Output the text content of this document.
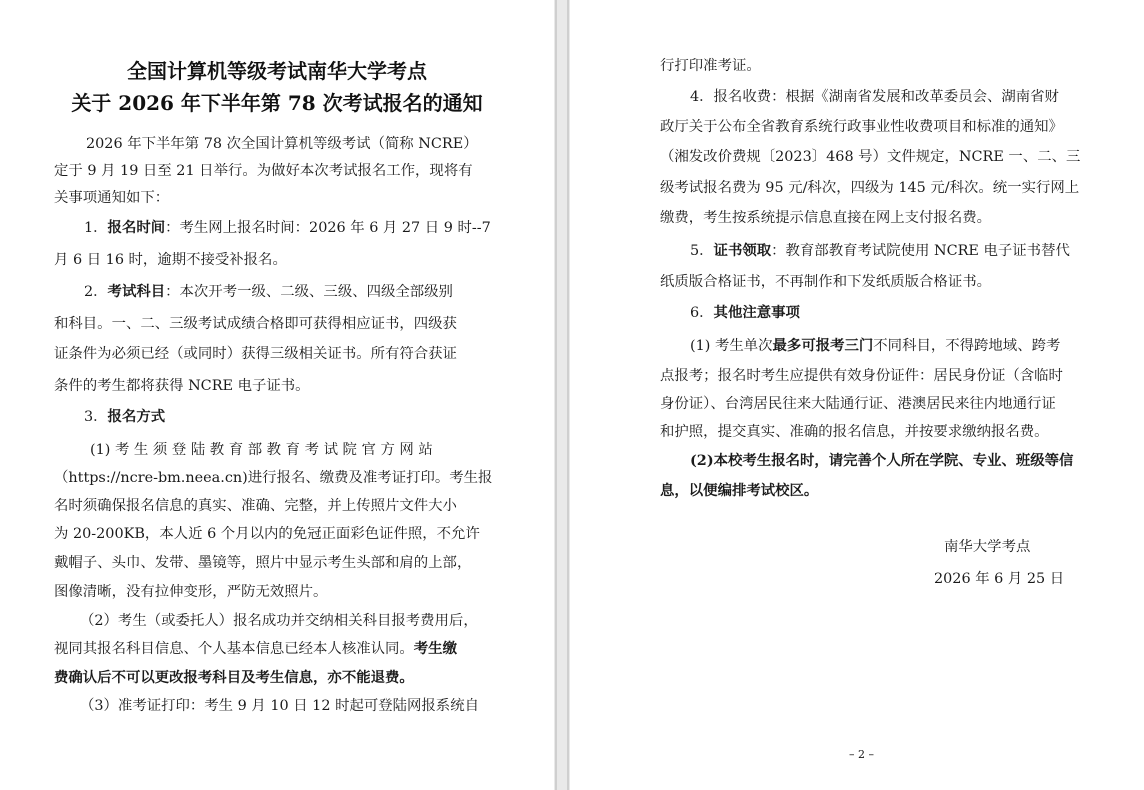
全国计算机等级考试南华大学考点
关于 2026 年下半年第 78 次考试报名的通知
2026 年下半年第 78 次全国计算机等级考试（简称 NCRE）
定于 9 月 19 日至 21 日举行。为做好本次考试报名工作，现将有
关事项通知如下：
1．报名时间：考生网上报名时间：2026 年 6 月 27 日 9 时--7
月 6 日 16 时，逾期不接受补报名。
2．考试科目：本次开考一级、二级、三级、四级全部级别
和科目。一、二、三级考试成绩合格即可获得相应证书，四级获
证条件为必须已经（或同时）获得三级相关证书。所有符合获证
条件的考生都将获得 NCRE 电子证书。
3．报名方式
(1) 考 生 须 登 陆 教 育 部 教 育 考 试 院 官 方 网 站
（https://ncre-bm.neea.cn)进行报名、缴费及准考证打印。考生报
名时须确保报名信息的真实、准确、完整，并上传照片文件大小
为 20-200KB，本人近 6 个月以内的免冠正面彩色证件照，不允许
戴帽子、头巾、发带、墨镜等，照片中显示考生头部和肩的上部，
图像清晰，没有拉伸变形，严防无效照片。
（2）考生（或委托人）报名成功并交纳相关科目报考费用后，
视同其报名科目信息、个人基本信息已经本人核准认同。考生缴
费确认后不可以更改报考科目及考生信息，亦不能退费。
（3）准考证打印：考生 9 月 10 日 12 时起可登陆网报系统自
行打印准考证。
4．报名收费：根据《湖南省发展和改革委员会、湖南省财
政厅关于公布全省教育系统行政事业性收费项目和标准的通知》
（湘发改价费规〔2023〕468 号）文件规定，NCRE 一、二、三
级考试报名费为 95 元/科次，四级为 145 元/科次。统一实行网上
缴费，考生按系统提示信息直接在网上支付报名费。
5．证书领取：教育部教育考试院使用 NCRE 电子证书替代
纸质版合格证书，不再制作和下发纸质版合格证书。
6．其他注意事项
(1) 考生单次最多可报考三门不同科目，不得跨地域、跨考
点报考；报名时考生应提供有效身份证件：居民身份证（含临时
身份证）、台湾居民往来大陆通行证、港澳居民来往内地通行证
和护照，提交真实、准确的报名信息，并按要求缴纳报名费。
(2)本校考生报名时，请完善个人所在学院、专业、班级等信
息，以便编排考试校区。
南华大学考点
2026 年 6 月 25 日
– 2 –
